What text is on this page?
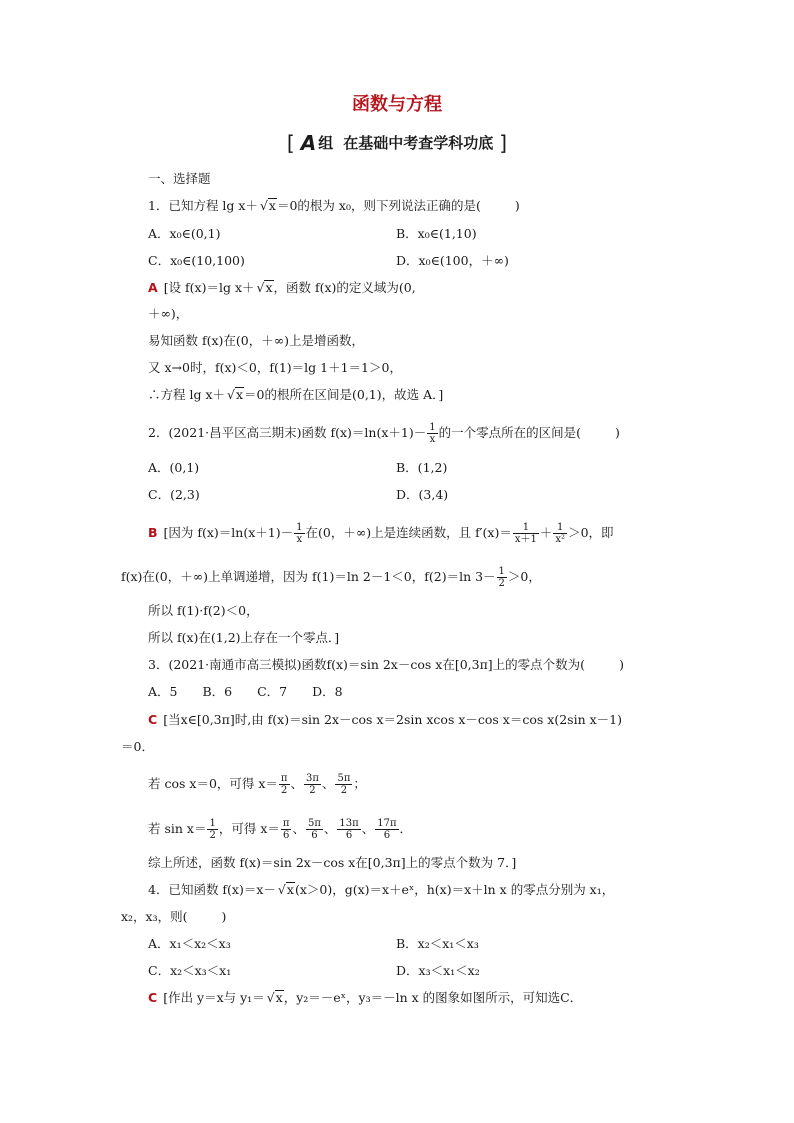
函数与方程
[ A 组 在基础中考查学科功底 ]
一、选择题
1．已知方程 lg x＋ √x＝0的根为 x₀，则下列说法正确的是(	)
A．x₀∈(0,1)	B．x₀∈(1,10)
C．x₀∈(10,100)	D．x₀∈(100，＋∞)
A [设 f(x)＝lg x＋ √x，函数 f(x)的定义域为(0,
＋∞)，
易知函数 f(x)在(0，＋∞)上是增函数，
又 x→0时，f(x)＜0，f(1)＝lg 1＋1＝1＞0，
∴方程 lg x＋ √x＝0的根所在区间是(0,1)，故选 A．]
2．(2021·昌平区高三期末)函数 $f(x)=\ln(x+1)- \frac{1}{x}$ 的一个零点所在的区间是(	)
A．(0,1)	B．(1,2)
C．(2,3)	D．(3,4)
B [因为 $f(x)=\ln(x+1)- \frac{1}{x}$ 在(0，＋∞)上是连续函数，且 $f'(x)= \frac{1}{x+1} + \frac{1}{\text{x²}} >0$，即
f(x)在(0，＋∞)上单调递增，因为 f(1)＝ln 2－1＜0，f(2)＝ln $3- \frac{1}{2} >0$，
所以 f(1)·f(2)＜0，
所以 f(x)在(1,2)上存在一个零点．]
3．(2021·南通市高三模拟)函数f(x)＝sin 2x－cos x在[0,3π]上的零点个数为(	)
A．5　　B．6　　C．7　　D．8
C [当x∈[0,3π]时,由 f(x)＝sin 2x－cos x＝2sin xcos x－cos x＝cos x(2sin x－1)
＝0．
若 cos x＝0，可得 $x= \frac{\pi}{2}$ 、 $\frac{3\pi}{2}$ 、 $\frac{5\pi}{2}$ ；
若 $\sin x= \frac{1}{2}$ ，可得 $x= \frac{\pi}{6}$ 、 $\frac{5\pi}{6}$ 、 $\frac{13\pi}{6}$ 、 $\frac{17\pi}{6}$ ．
综上所述，函数 f(x)＝sin 2x－cos x在[0,3π]上的零点个数为 7．]
4．已知函数 f(x)＝x－ √x(x＞0)，g(x)＝x＋eˣ，h(x)＝x＋ln x 的零点分别为 x₁，
x₂，x₃，则(	)
A．x₁＜x₂＜x₃	B．x₂＜x₁＜x₃
C．x₂＜x₃＜x₁	D．x₃＜x₁＜x₂
C [作出 y＝x与 y₁＝ √x，y₂＝－eˣ，y₃＝－ln x 的图象如图所示，可知选C．
